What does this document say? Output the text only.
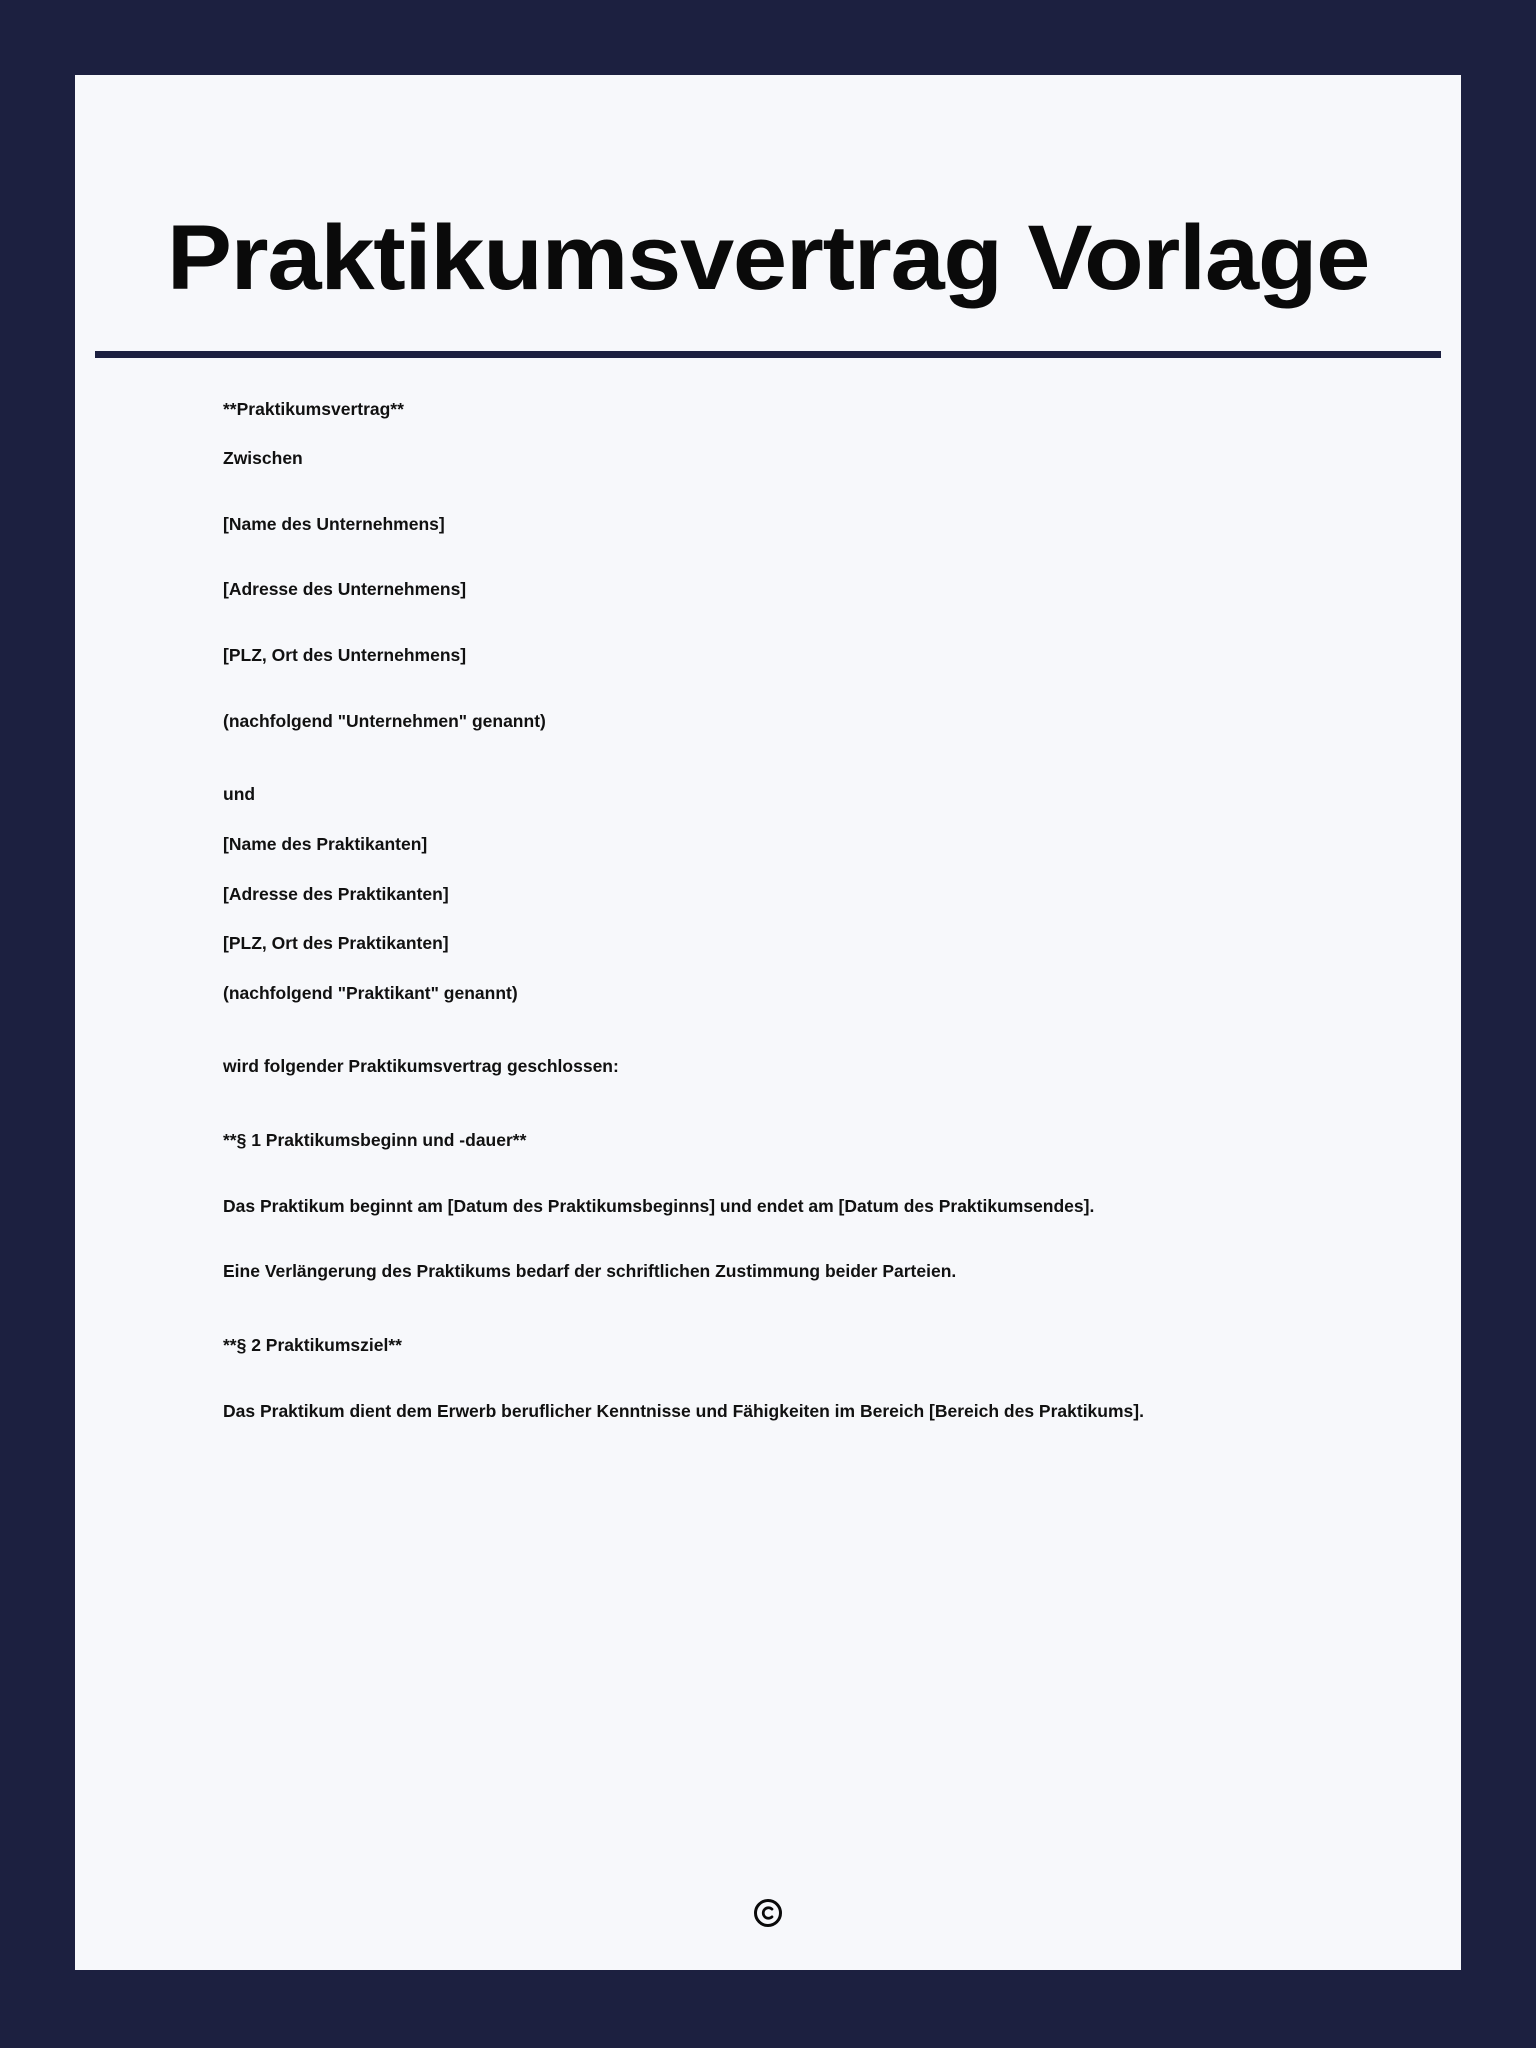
Praktikumsvertrag Vorlage

**Praktikumsvertrag**

Zwischen

[Name des Unternehmens]

[Adresse des Unternehmens]

[PLZ, Ort des Unternehmens]

(nachfolgend "Unternehmen" genannt)

und

[Name des Praktikanten]

[Adresse des Praktikanten]

[PLZ, Ort des Praktikanten]

(nachfolgend "Praktikant" genannt)

wird folgender Praktikumsvertrag geschlossen:

**§ 1 Praktikumsbeginn und -dauer**

Das Praktikum beginnt am [Datum des Praktikumsbeginns] und endet am [Datum des Praktikumsendes].

Eine Verlängerung des Praktikums bedarf der schriftlichen Zustimmung beider Parteien.

**§ 2 Praktikumsziel**

Das Praktikum dient dem Erwerb beruflicher Kenntnisse und Fähigkeiten im Bereich [Bereich des Praktikums].
